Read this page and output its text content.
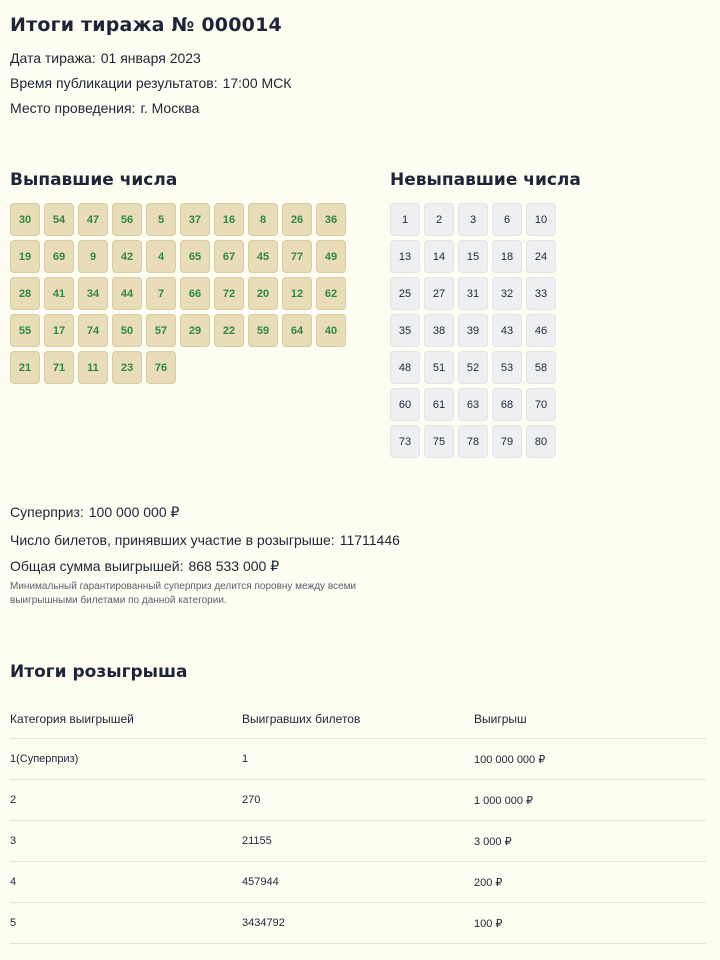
Итоги тиража № 000014
Дата тиража: 01 января 2023
Время публикации результатов: 17:00 МСК
Место проведения: г. Москва
Выпавшие числа	Невыпавшие числа
30	54	47	56	5	37	16	8	26	36
19	69	9	42	4	65	67	45	77	49
28	41	34	44	7	66	72	20	12	62
55	17	74	50	57	29	22	59	64	40
21	71	11	23	76
1	2	3	6	10
13	14	15	18	24
25	27	31	32	33
35	38	39	43	46
48	51	52	53	58
60	61	63	68	70
73	75	78	79	80
Суперприз: 100 000 000 ₽
Число билетов, принявших участие в розыгрыше: 11711446
Общая сумма выигрышей: 868 533 000 ₽
Минимальный гарантированный суперприз делится поровну между всеми выигрышными билетами по данной категории.
Итоги розыгрыша
Категория выигрышей	Выигравших билетов	Выигрыш
1(Суперприз)	1	100 000 000 ₽
2	270	1 000 000 ₽
3	21155	3 000 ₽
4	457944	200 ₽
5	3434792	100 ₽
